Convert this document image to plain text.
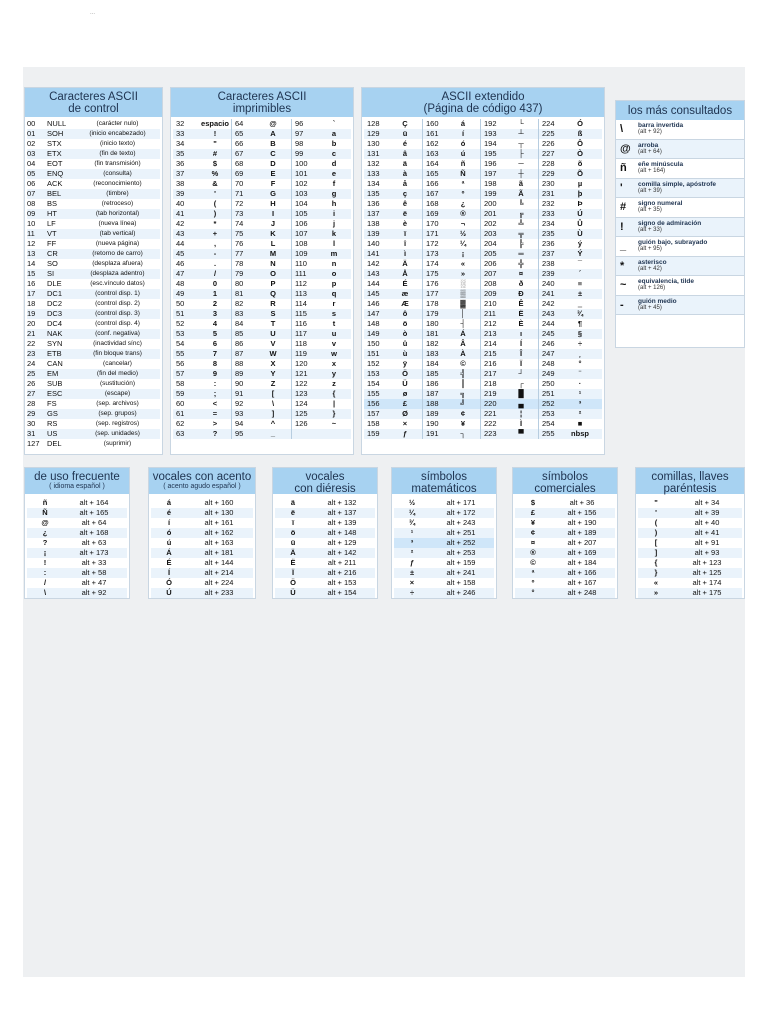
...
Caracteres ASCII
de control
00	NULL	(carácter nulo)
01	SOH	(inicio encabezado)
02	STX	(inicio texto)
03	ETX	(fin de texto)
04	EOT	(fin transmisión)
05	ENQ	(consulta)
06	ACK	(reconocimiento)
07	BEL	(timbre)
08	BS	(retroceso)
09	HT	(tab horizontal)
10	LF	(nueva línea)
11	VT	(tab vertical)
12	FF	(nueva página)
13	CR	(retorno de carro)
14	SO	(desplaza afuera)
15	SI	(desplaza adentro)
16	DLE	(esc.vínculo datos)
17	DC1	(control disp. 1)
18	DC2	(control disp. 2)
19	DC3	(control disp. 3)
20	DC4	(control disp. 4)
21	NAK	(conf. negativa)
22	SYN	(inactividad sínc)
23	ETB	(fin bloque trans)
24	CAN	(cancelar)
25	EM	(fin del medio)
26	SUB	(sustitución)
27	ESC	(escape)
28	FS	(sep. archivos)
29	GS	(sep. grupos)
30	RS	(sep. registros)
31	US	(sep. unidades)
127 DEL	(suprimir)
Caracteres ASCII
imprimibles
32	espacio 64	@	96	`
33	!	65	A	97	a
34	"	66	B	98	b
35	#	67	C	99	c
36	$	68	D	100	d
37	%	69	E	101	e
38	&	70	F	102	f
39	'	71	G	103	g
40	(	72	H	104	h
41	)	73	I	105	i
42	*	74	J	106	j
43	+	75	K	107	k
44	,	76	L	108	l
45	-	77	M	109	m
46	.	78	N	110	n
47	/	79	O	111	o
48	0	80	P	112	p
49	1	81	Q	113	q
50	2	82	R	114	r
51	3	83	S	115	s
52	4	84	T	116	t
53	5	85	U	117	u
54	6	86	V	118	v
55	7	87	W	119	w
56	8	88	X	120	x
57	9	89	Y	121	y
58	:	90	Z	122	z
59	;	91	[	123	{
60	<	92	\	124	|
61	=	93	]	125	}
62	>	94	^	126	~
63	?	95	_
ASCII extendido
(Página de código 437)
128	Ç	160	á	192	└	224	Ó
129	ü	161	í	193	┴	225	ß
130	é	162	ó	194	┬	226	Ô
131	â	163	ú	195	├	227	Ò
132	ä	164	ñ	196	─	228	õ
133	à	165	Ñ	197	┼	229	Õ
134	å	166	ª	198	ã	230	µ
135	ç	167	º	199	Ã	231	þ
136	ê	168	¿	200	╚	232	Þ
137	ë	169	®	201	╔	233	Ú
138	è	170	¬	202	╩	234	Û
139	ï	171	½	203	╦	235	Ù
140	î	172	¼	204	╠	236	ý
141	ì	173	¡	205	═	237	Ý
142	Ä	174	«	206	╬	238	¯
143	Å	175	»	207	¤	239	´
144	É	176	░	208	ð	240	≡
145	æ	177	▒	209	Ð	241	±
146	Æ	178	▓	210	Ê	242	‗
147	ô	179	│	211	Ë	243	¾
148	ö	180	┤	212	È	244	¶
149	ò	181	Á	213	ı	245	§
150	û	182	Â	214	Í	246	÷
151	ù	183	À	215	Î	247	¸
152	ÿ	184	©	216	Ï	248	°
153	Ö	185	╣	217	┘	249	¨
154	Ü	186	║	218	┌	250	·
155	ø	187	╗	219	█	251	¹
156	£	188	╝	220	▄	252	³
157	Ø	189	¢	221	¦	253	²
158	×	190	¥	222	Ì	254	■
159	ƒ	191	┐	223	▀	255	nbsp
los más consultados
\	barra invertida
(alt + 92)
@	arroba
(alt + 64)
ñ	eñe minúscula
(alt + 164)
'	comilla simple, apóstrofe
(alt + 39)
#	signo numeral
(alt + 35)
!	signo de admiración
(alt + 33)
_	guión bajo, subrayado
(alt + 95)
*	asterisco
(alt + 42)
~	equivalencia, tilde
(alt + 126)
-	guión medio
(alt + 45)
de uso frecuente
( idioma español )
ñ	alt + 164
Ñ	alt + 165
@	alt + 64
¿	alt + 168
?	alt + 63
¡	alt + 173
!	alt + 33
:	alt + 58
/	alt + 47
\	alt + 92
vocales con acento
( acento agudo español )
á	alt + 160
é	alt + 130
í	alt + 161
ó	alt + 162
ú	alt + 163
Á	alt + 181
É	alt + 144
Í	alt + 214
Ó	alt + 224
Ú	alt + 233
vocales
con diéresis
ä	alt + 132
ë	alt + 137
ï	alt + 139
ö	alt + 148
ü	alt + 129
Ä	alt + 142
Ë	alt + 211
Ï	alt + 216
Ö	alt + 153
Ü	alt + 154
símbolos
matemáticos
½	alt + 171
¼	alt + 172
¾	alt + 243
¹	alt + 251
³	alt + 252
²	alt + 253
ƒ	alt + 159
±	alt + 241
×	alt + 158
÷	alt + 246
símbolos
comerciales
$	alt + 36
£	alt + 156
¥	alt + 190
¢	alt + 189
¤	alt + 207
®	alt + 169
©	alt + 184
ª	alt + 166
º	alt + 167
°	alt + 248
comillas, llaves
paréntesis
"	alt + 34
'	alt + 39
(	alt + 40
)	alt + 41
[	alt + 91
]	alt + 93
{	alt + 123
}	alt + 125
«	alt + 174
»	alt + 175
